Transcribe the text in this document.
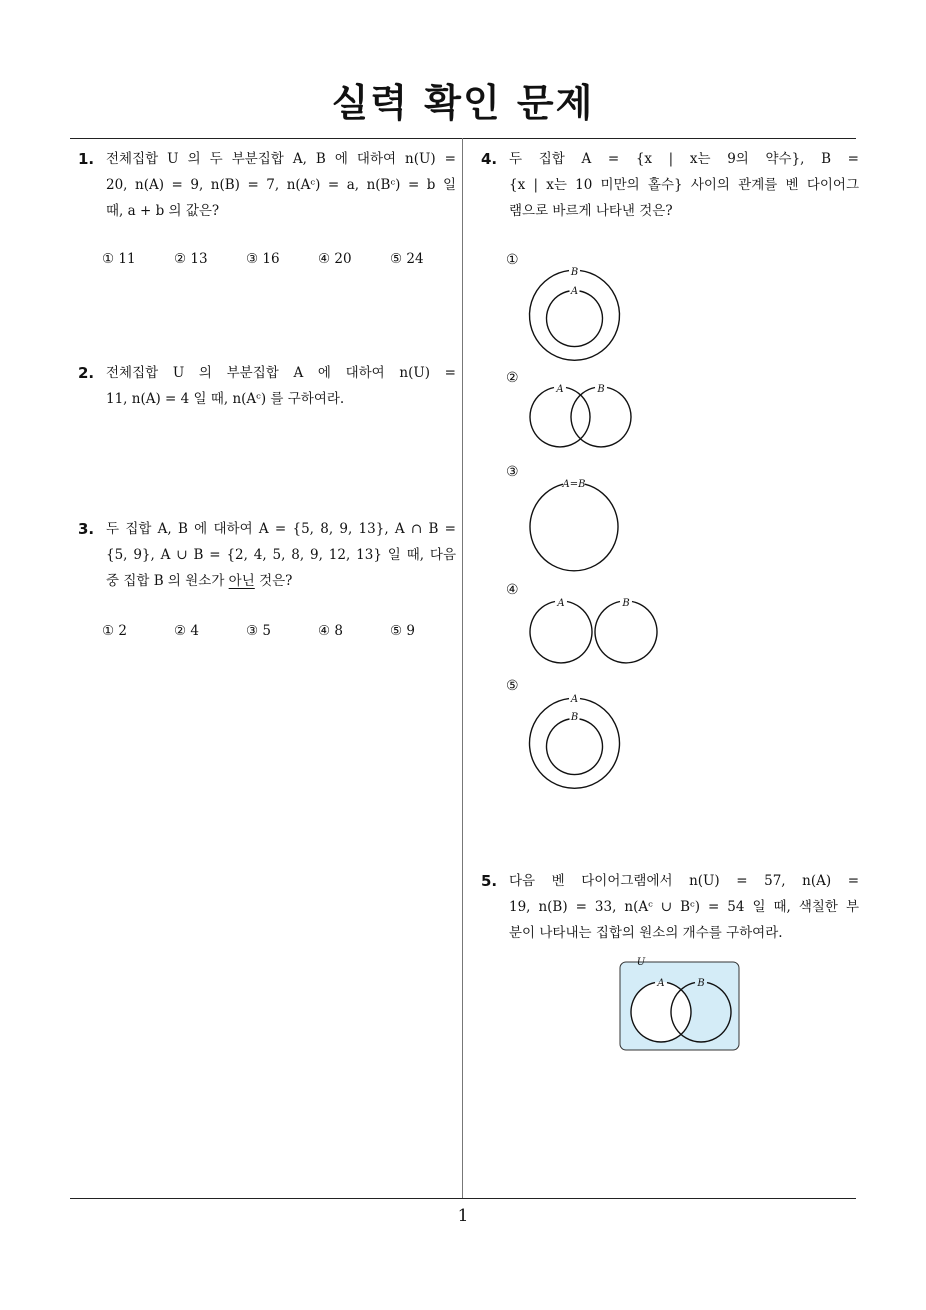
실력 확인 문제
1
1. 전체집합 U 의 두 부분집합 A, B 에 대하여 n(U) =
20, n(A) = 9, n(B) = 7, n(Aᶜ) = a, n(Bᶜ) = b 일
때, a + b 의 값은?
① 11	② 13	③ 16	④ 20	⑤ 24
2. 전체집합 U 의 부분집합 A 에 대하여 n(U) =
11, n(A) = 4 일 때, n(Aᶜ) 를 구하여라.
3. 두 집합 A, B 에 대하여 A = {5, 8, 9, 13}, A ∩ B =
{5, 9}, A ∪ B = {2, 4, 5, 8, 9, 12, 13} 일 때, 다음
중 집합 B 의 원소가 아닌 것은?
① 2	② 4	③ 5	④ 8	⑤ 9
4. 두 집합 A = {x | x는 9의 약수}, B =
{x | x는 10 미만의 홀수} 사이의 관계를 벤 다이어그
램으로 바르게 나타낸 것은?
①
B
A
②
A	B
③
A=B
④
A	B
⑤
A
B
5. 다음 벤 다이어그램에서 n(U) = 57, n(A) =
19, n(B) = 33, n(Aᶜ ∪ Bᶜ) = 54 일 때, 색칠한 부
분이 나타내는 집합의 원소의 개수를 구하여라.
U
A	B
